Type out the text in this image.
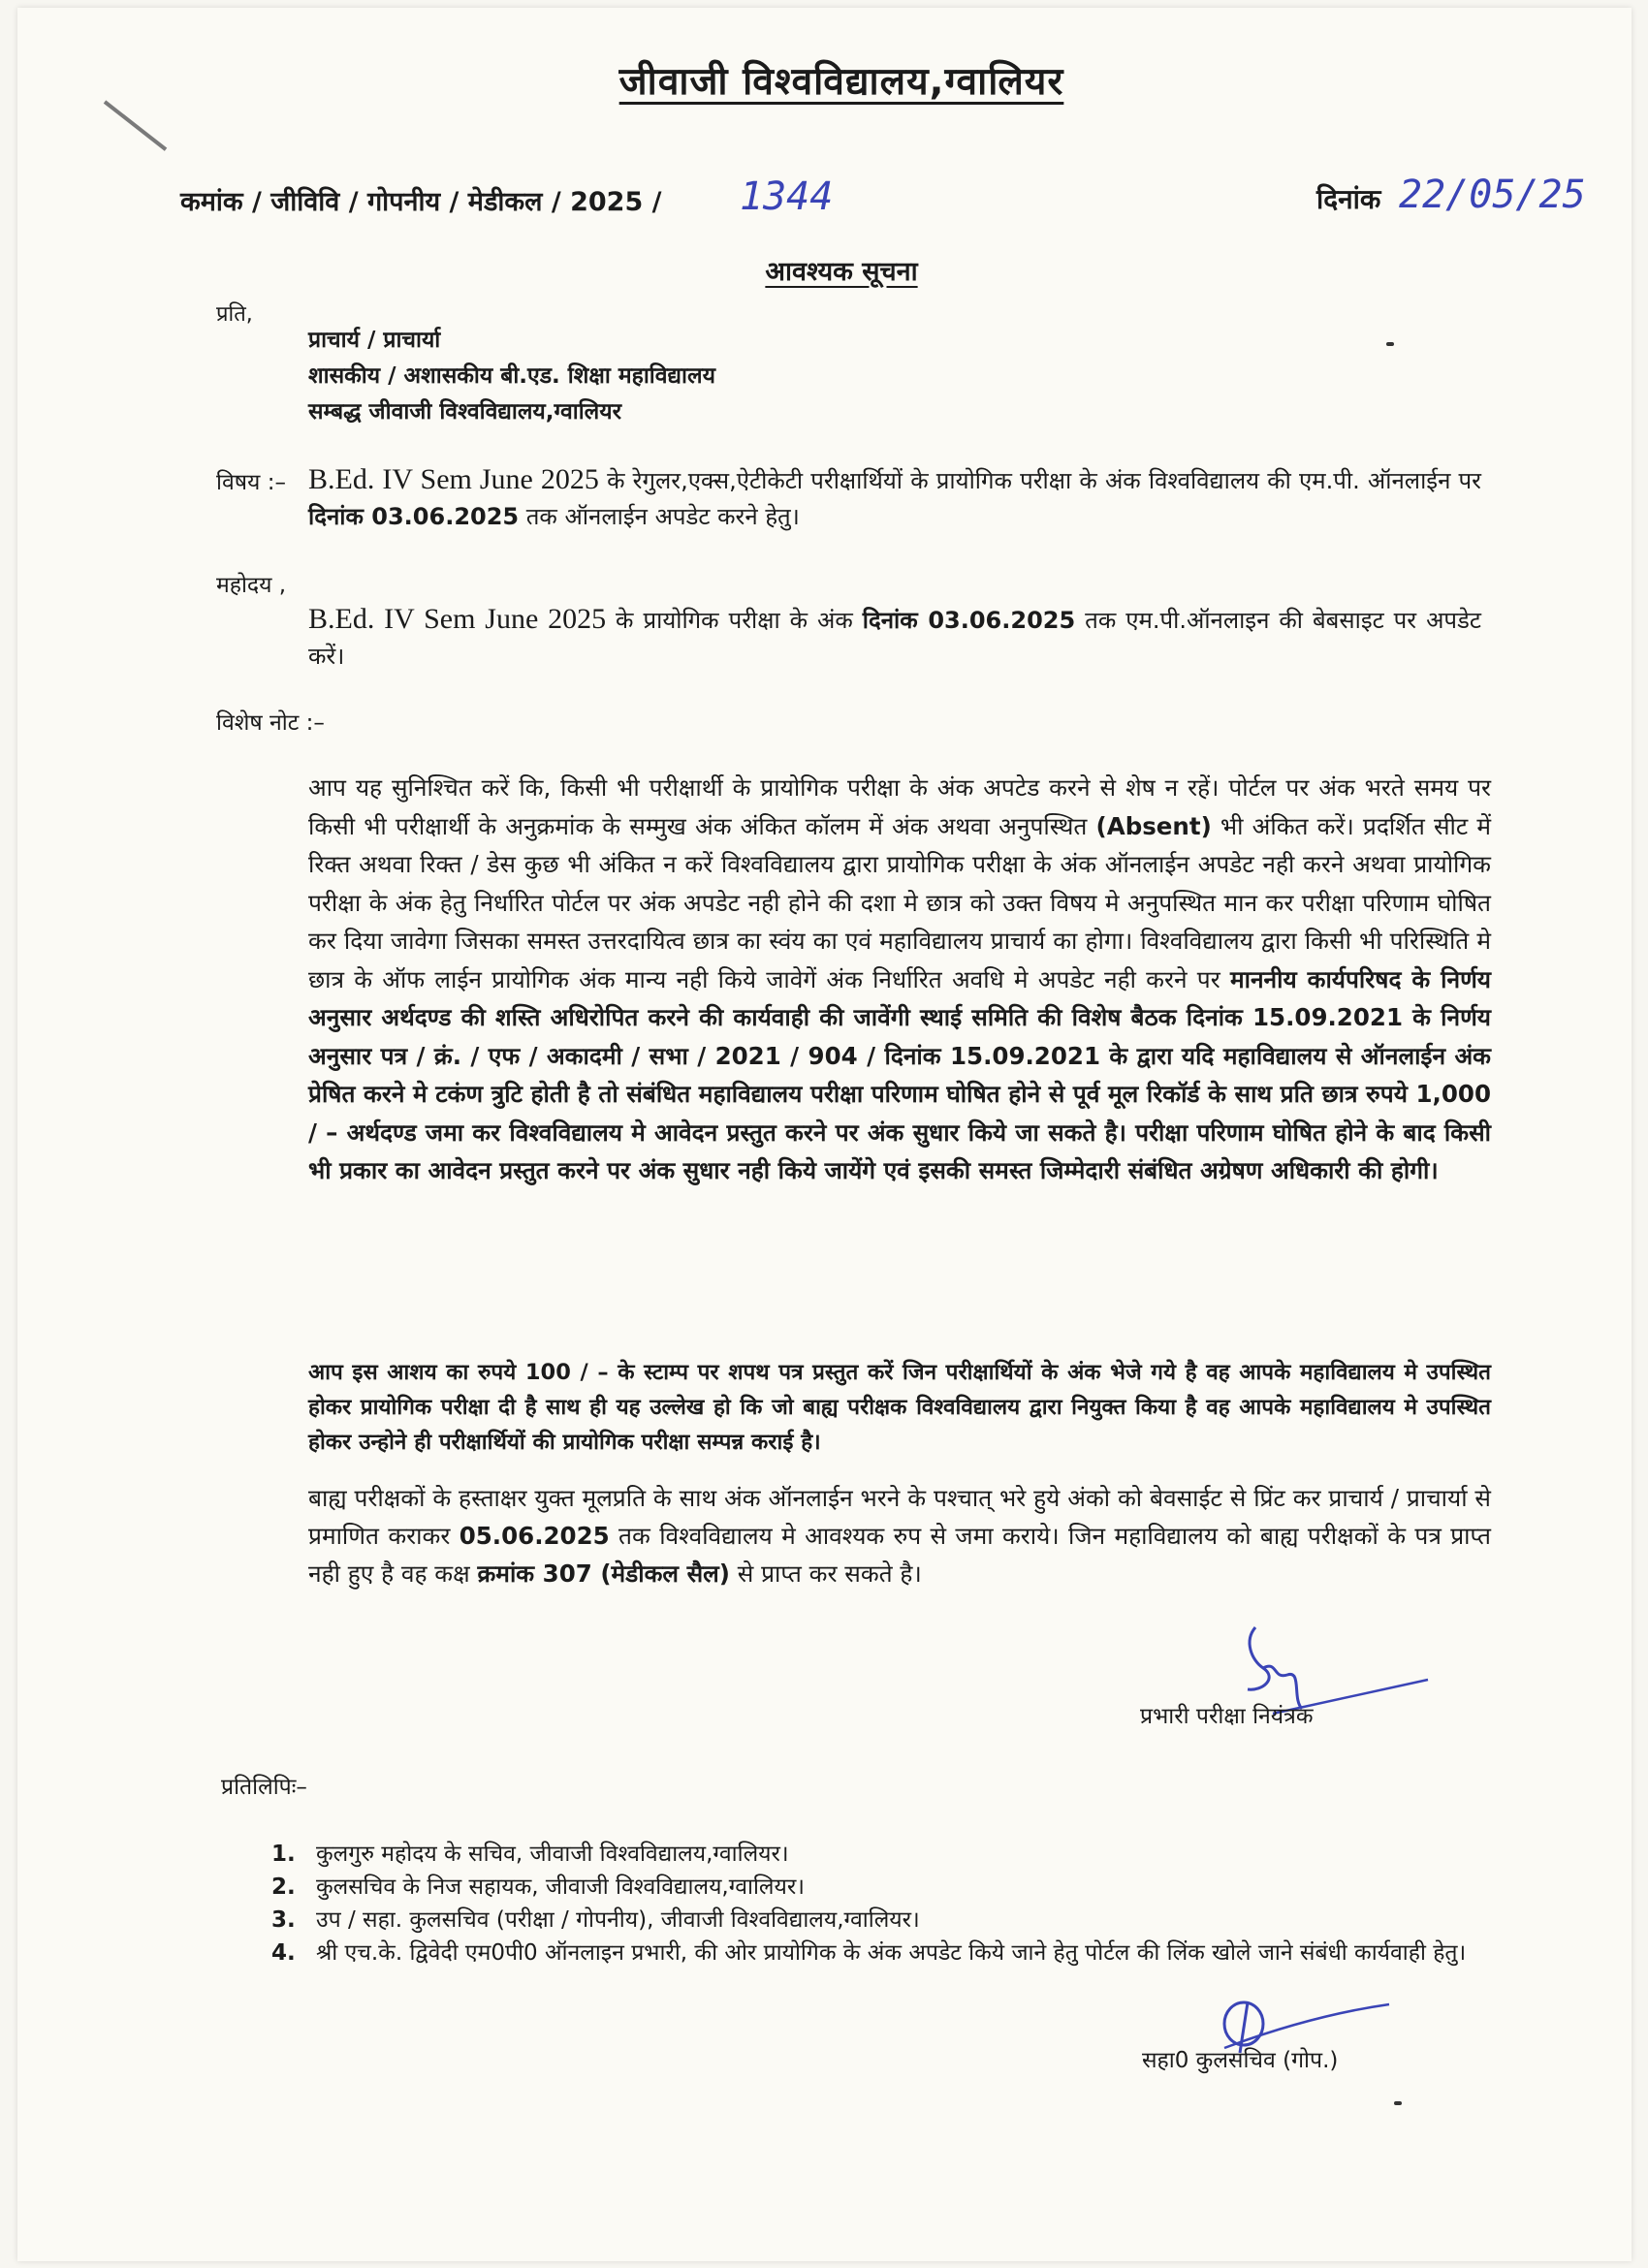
जीवाजी विश्वविद्यालय,ग्वालियर
कमांक / जीविवि / गोपनीय / मेडीकल / 2025 / 1344	दिनांक 22/05/25
आवश्यक सूचना
प्रति,
प्राचार्य / प्राचार्या
शासकीय / अशासकीय बी.एड. शिक्षा महाविद्यालय
सम्बद्ध जीवाजी विश्वविद्यालय,ग्वालियर
विषय :– B.Ed. IV Sem June 2025 के रेगुलर,एक्स,ऐटीकेटी परीक्षार्थियों के प्रायोगिक परीक्षा के अंक विश्वविद्यालय की एम.पी. ऑनलाईन पर दिनांक 03.06.2025 तक ऑनलाईन अपडेट करने हेतु।
महोदय ,
B.Ed. IV Sem June 2025 के प्रायोगिक परीक्षा के अंक दिनांक 03.06.2025 तक एम.पी.ऑनलाइन की बेबसाइट पर अपडेट करें।
विशेष नोट :–
आप यह सुनिश्चित करें कि, किसी भी परीक्षार्थी के प्रायोगिक परीक्षा के अंक अपटेड करने से शेष न रहें। पोर्टल पर अंक भरते समय पर किसी भी परीक्षार्थी के अनुक्रमांक के सम्मुख अंक अंकित कॉलम में अंक अथवा अनुपस्थित (Absent) भी अंकित करें। प्रदर्शित सीट में रिक्त अथवा रिक्त / डेस कुछ भी अंकित न करें विश्वविद्यालय द्वारा प्रायोगिक परीक्षा के अंक ऑनलाईन अपडेट नही करने अथवा प्रायोगिक परीक्षा के अंक हेतु निर्धारित पोर्टल पर अंक अपडेट नही होने की दशा मे छात्र को उक्त विषय मे अनुपस्थित मान कर परीक्षा परिणाम घोषित कर दिया जावेगा जिसका समस्त उत्तरदायित्व छात्र का स्वंय का एवं महाविद्यालय प्राचार्य का होगा। विश्वविद्यालय द्वारा किसी भी परिस्थिति मे छात्र के ऑफ लाईन प्रायोगिक अंक मान्य नही किये जावेगें अंक निर्धारित अवधि मे अपडेट नही करने पर माननीय कार्यपरिषद के निर्णय अनुसार अर्थदण्ड की शस्ति अधिरोपित करने की कार्यवाही की जावेंगी स्थाई समिति की विशेष बैठक दिनांक 15.09.2021 के निर्णय अनुसार पत्र / क्रं. / एफ / अकादमी / सभा / 2021 / 904 / दिनांक 15.09.2021 के द्वारा यदि महाविद्यालय से ऑनलाईन अंक प्रेषित करने मे टकंण त्रुटि होती है तो संबंधित महाविद्यालय परीक्षा परिणाम घोषित होने से पूर्व मूल रिकॉर्ड के साथ प्रति छात्र रुपये 1,000 / – अर्थदण्ड जमा कर विश्वविद्यालय मे आवेदन प्रस्तुत करने पर अंक सुधार किये जा सकते है। परीक्षा परिणाम घोषित होने के बाद किसी भी प्रकार का आवेदन प्रस्तुत करने पर अंक सुधार नही किये जायेंगे एवं इसकी समस्त जिम्मेदारी संबंधित अग्रेषण अधिकारी की होगी।
आप इस आशय का रुपये 100 / – के स्टाम्प पर शपथ पत्र प्रस्तुत करें जिन परीक्षार्थियों के अंक भेजे गये है वह आपके महाविद्यालय मे उपस्थित होकर प्रायोगिक परीक्षा दी है साथ ही यह उल्लेख हो कि जो बाह्य परीक्षक विश्वविद्यालय द्वारा नियुक्त किया है वह आपके महाविद्यालय मे उपस्थित होकर उन्होने ही परीक्षार्थियों की प्रायोगिक परीक्षा सम्पन्न कराई है।
बाह्य परीक्षकों के हस्ताक्षर युक्त मूलप्रति के साथ अंक ऑनलाईन भरने के पश्चात् भरे हुये अंको को बेवसाईट से प्रिंट कर प्राचार्य / प्राचार्या से प्रमाणित कराकर 05.06.2025 तक विश्वविद्यालय मे आवश्यक रुप से जमा कराये। जिन महाविद्यालय को बाह्य परीक्षकों के पत्र प्राप्त नही हुए है वह कक्ष क्रमांक 307 (मेडीकल सैल) से प्राप्त कर सकते है।
प्रभारी परीक्षा नियंत्रक
प्रतिलिपिः–
1. कुलगुरु महोदय के सचिव, जीवाजी विश्वविद्यालय,ग्वालियर।
2. कुलसचिव के निज सहायक, जीवाजी विश्वविद्यालय,ग्वालियर।
3. उप / सहा. कुलसचिव (परीक्षा / गोपनीय), जीवाजी विश्वविद्यालय,ग्वालियर।
4. श्री एच.के. द्विवेदी एम0पी0 ऑनलाइन प्रभारी, की ओर प्रायोगिक के अंक अपडेट किये जाने हेतु पोर्टल की लिंक खोले जाने संबंधी कार्यवाही हेतु।
सहा0 कुलसचिव (गोप.)
